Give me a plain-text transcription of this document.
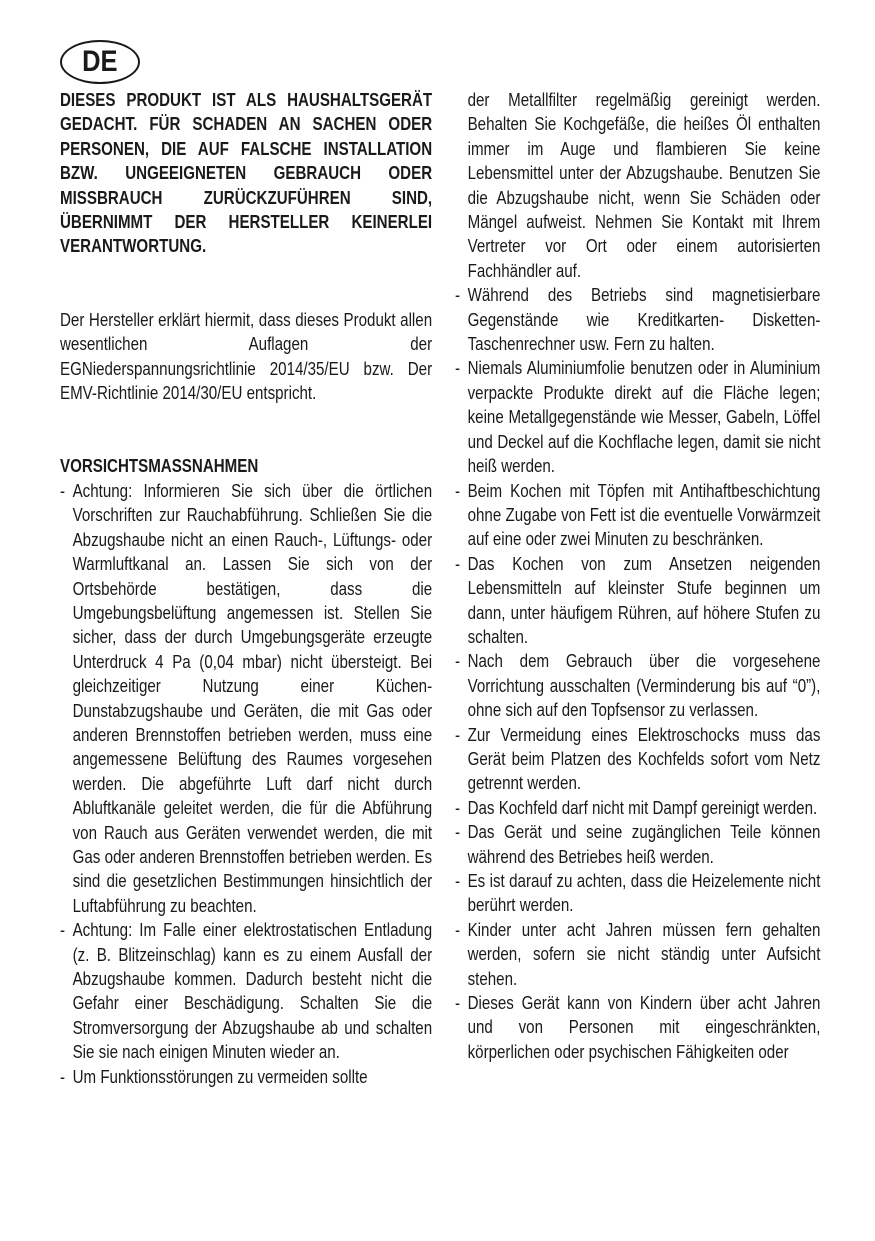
DE

DIESES PRODUKT IST ALS HAUSHALTSGERÄT GEDACHT. FÜR SCHADEN AN SACHEN ODER PERSONEN, DIE AUF FALSCHE INSTALLATION BZW. UNGEEIGNETEN GEBRAUCH ODER MISSBRAUCH ZURÜCKZUFÜHREN SIND, ÜBERNIMMT DER HERSTELLER KEINERLEI VERANTWORTUNG.

Der Hersteller erklärt hiermit, dass dieses Produkt allen wesentlichen Auflagen der EGNiederspannungsrichtlinie 2014/35/EU bzw. Der EMV-Richtlinie 2014/30/EU entspricht.

VORSICHTSMASSNAHMEN
- Achtung: Informieren Sie sich über die örtlichen Vorschriften zur Rauchabführung. Schließen Sie die Abzugshaube nicht an einen Rauch-, Lüftungs- oder Warmluftkanal an. Lassen Sie sich von der Ortsbehörde bestätigen, dass die Umgebungsbelüftung angemessen ist. Stellen Sie sicher, dass der durch Umgebungsgeräte erzeugte Unterdruck 4 Pa (0,04 mbar) nicht übersteigt. Bei gleichzeitiger Nutzung einer Küchen-Dunstabzugshaube und Geräten, die mit Gas oder anderen Brennstoffen betrieben werden, muss eine angemessene Belüftung des Raumes vorgesehen werden. Die abgeführte Luft darf nicht durch Abluftkanäle geleitet werden, die für die Abführung von Rauch aus Geräten verwendet werden, die mit Gas oder anderen Brennstoffen betrieben werden. Es sind die gesetzlichen Bestimmungen hinsichtlich der Luftabführung zu beachten.
- Achtung: Im Falle einer elektrostatischen Entladung (z. B. Blitzeinschlag) kann es zu einem Ausfall der Abzugshaube kommen. Dadurch besteht nicht die Gefahr einer Beschädigung. Schalten Sie die Stromversorgung der Abzugshaube ab und schalten Sie sie nach einigen Minuten wieder an.
- Um Funktionsstörungen zu vermeiden sollte

der Metallfilter regelmäßig gereinigt werden. Behalten Sie Kochgefäße, die heißes Öl enthalten immer im Auge und flambieren Sie keine Lebensmittel unter der Abzugshaube. Benutzen Sie die Abzugshaube nicht, wenn Sie Schäden oder Mängel aufweist. Nehmen Sie Kontakt mit Ihrem Vertreter vor Ort oder einem autorisierten Fachhändler auf.

- Während des Betriebs sind magnetisierbare Gegenstände wie Kreditkarten- Disketten- Taschenrechner usw. Fern zu halten.
- Niemals Aluminiumfolie benutzen oder in Aluminium verpackte Produkte direkt auf die Fläche legen; keine Metallgegenstände wie Messer, Gabeln, Löffel und Deckel auf die Kochflache legen, damit sie nicht heiß werden.
- Beim Kochen mit Töpfen mit Antihaftbeschichtung ohne Zugabe von Fett ist die eventuelle Vorwärmzeit auf eine oder zwei Minuten zu beschränken.
- Das Kochen von zum Ansetzen neigenden Lebensmitteln auf kleinster Stufe beginnen um dann, unter häufigem Rühren, auf höhere Stufen zu schalten.
- Nach dem Gebrauch über die vorgesehene Vorrichtung ausschalten (Verminderung bis auf “0”), ohne sich auf den Topfsensor zu verlassen.
- Zur Vermeidung eines Elektroschocks muss das Gerät beim Platzen des Kochfelds sofort vom Netz getrennt werden.
- Das Kochfeld darf nicht mit Dampf gereinigt werden.
- Das Gerät und seine zugänglichen Teile können während des Betriebes heiß werden.
- Es ist darauf zu achten, dass die Heizelemente nicht berührt werden.
- Kinder unter acht Jahren müssen fern gehalten werden, sofern sie nicht ständig unter Aufsicht stehen.
- Dieses Gerät kann von Kindern über acht Jahren und von Personen mit eingeschränkten, körperlichen oder psychischen Fähigkeiten oder
